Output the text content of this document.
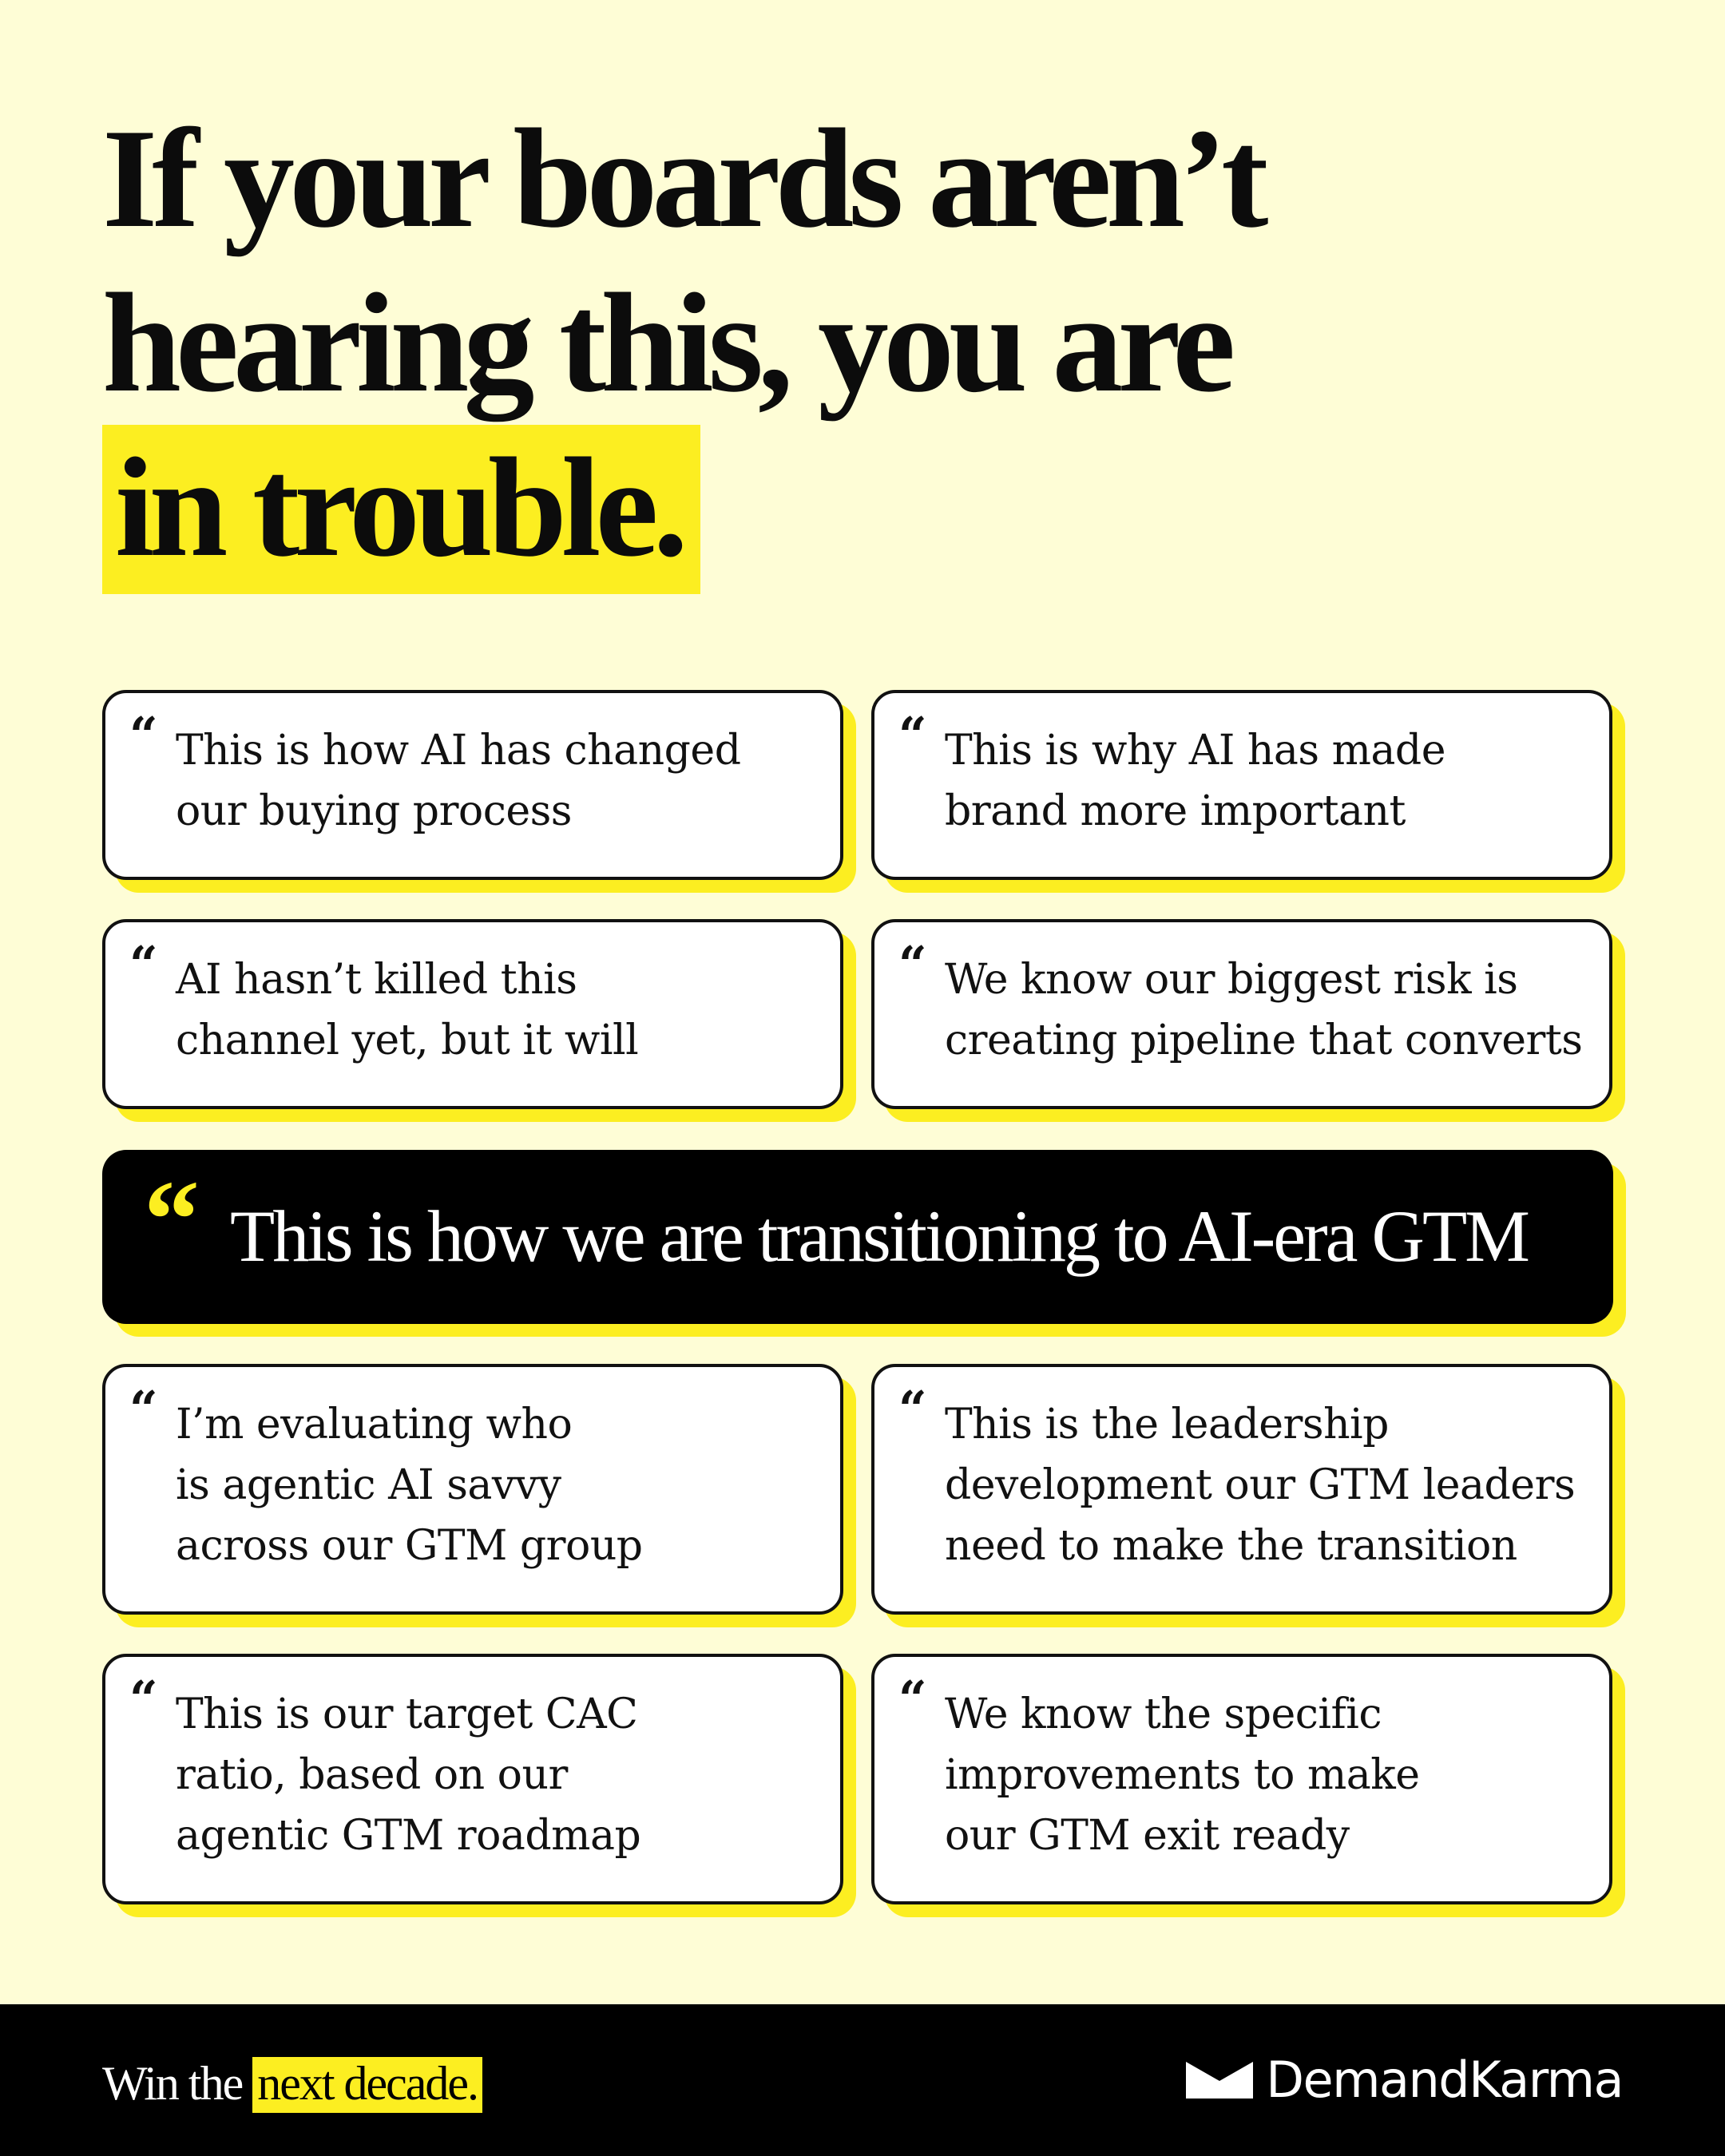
If your boards aren’t
hearing this, you are
in trouble.
“ This is how AI has changed
our buying process
“ This is why AI has made
brand more important
“ AI hasn’t killed this
channel yet, but it will
“ We know our biggest risk is
creating pipeline that converts
“ This is how we are transitioning to AI-era GTM
“ I’m evaluating who
is agentic AI savvy
across our GTM group
“ This is the leadership
development our GTM leaders
need to make the transition
“ This is our target CAC
ratio, based on our
agentic GTM roadmap
“ We know the specific
improvements to make
our GTM exit ready
Win the next decade.	DemandKarma
